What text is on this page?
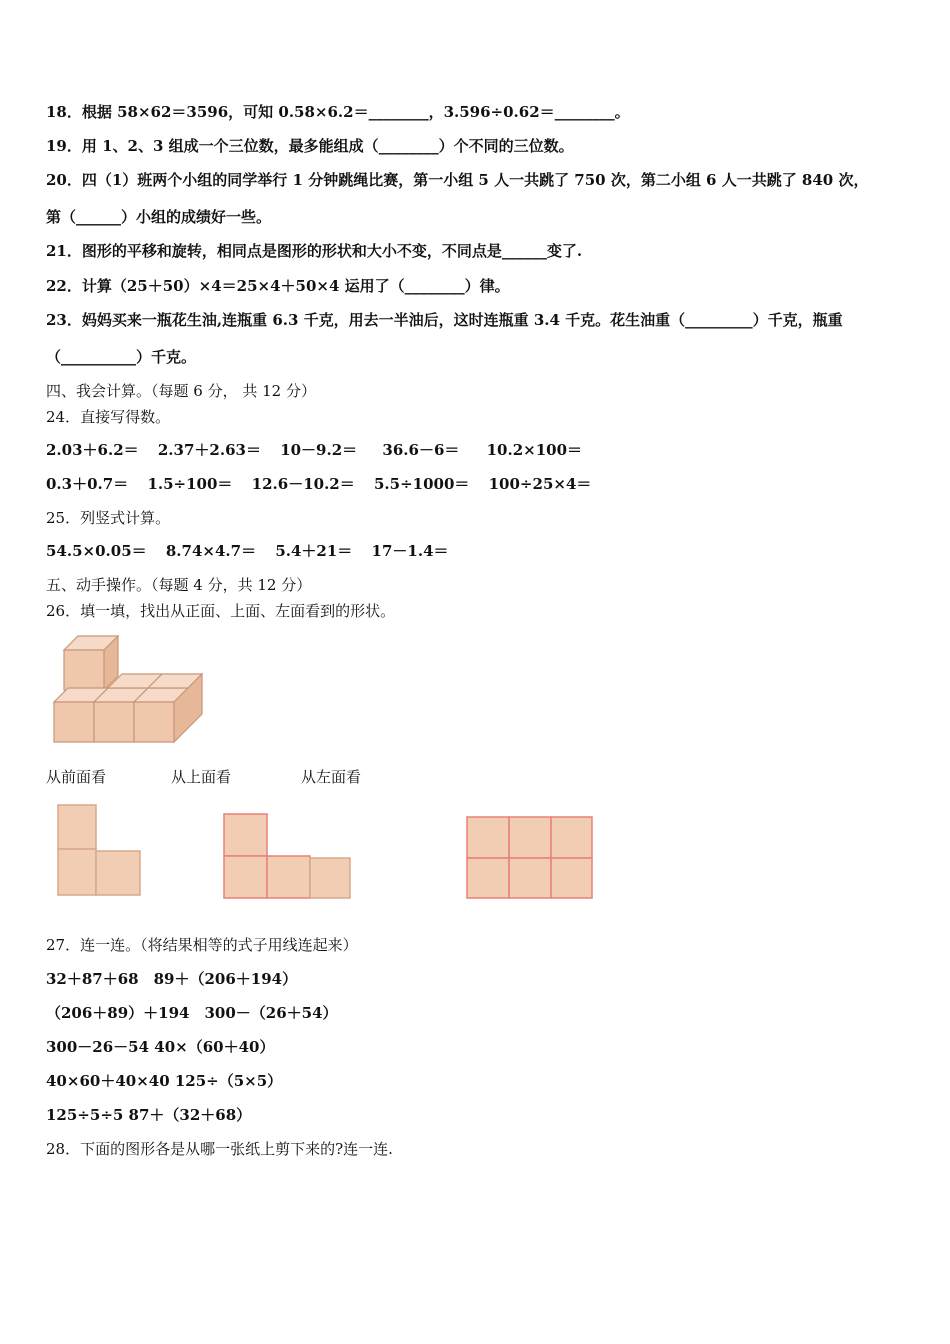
18．根据 58×62＝3596，可知 0.58×6.2＝________，3.596÷0.62＝________。
19．用 1、2、3 组成一个三位数，最多能组成（________）个不同的三位数。
20．四（1）班两个小组的同学举行 1 分钟跳绳比赛，第一小组 5 人一共跳了 750 次，第二小组 6 人一共跳了 840 次，
第（______）小组的成绩好一些。
21．图形的平移和旋转，相同点是图形的形状和大小不变，不同点是______变了.
22．计算（25＋50）×4＝25×4＋50×4 运用了（________）律。
23．妈妈买来一瓶花生油,连瓶重 6.3 千克，用去一半油后，这时连瓶重 3.4 千克。花生油重（_________）千克，瓶重
（__________）千克。
四、我会计算。（每题 6 分， 共 12 分）
24．直接写得数。
2.03＋6.2＝ 2.37＋2.63＝ 10－9.2＝ 36.6－6＝ 10.2×100＝
0.3＋0.7＝ 1.5÷100＝ 12.6－10.2＝ 5.5÷1000＝ 100÷25×4＝
25．列竖式计算。
54.5×0.05＝ 8.74×4.7＝ 5.4＋21＝ 17－1.4＝
五、动手操作。（每题 4 分，共 12 分）
26．填一填，找出从正面、上面、左面看到的形状。
从前面看	从上面看	从左面看
27．连一连。（将结果相等的式子用线连起来）
32＋87＋68　89＋（206＋194）
（206＋89）＋194　300－（26＋54）
300－26－54 40×（60＋40）
40×60＋40×40 125÷（5×5）
125÷5÷5 87＋（32＋68）
28．下面的图形各是从哪一张纸上剪下来的?连一连.
